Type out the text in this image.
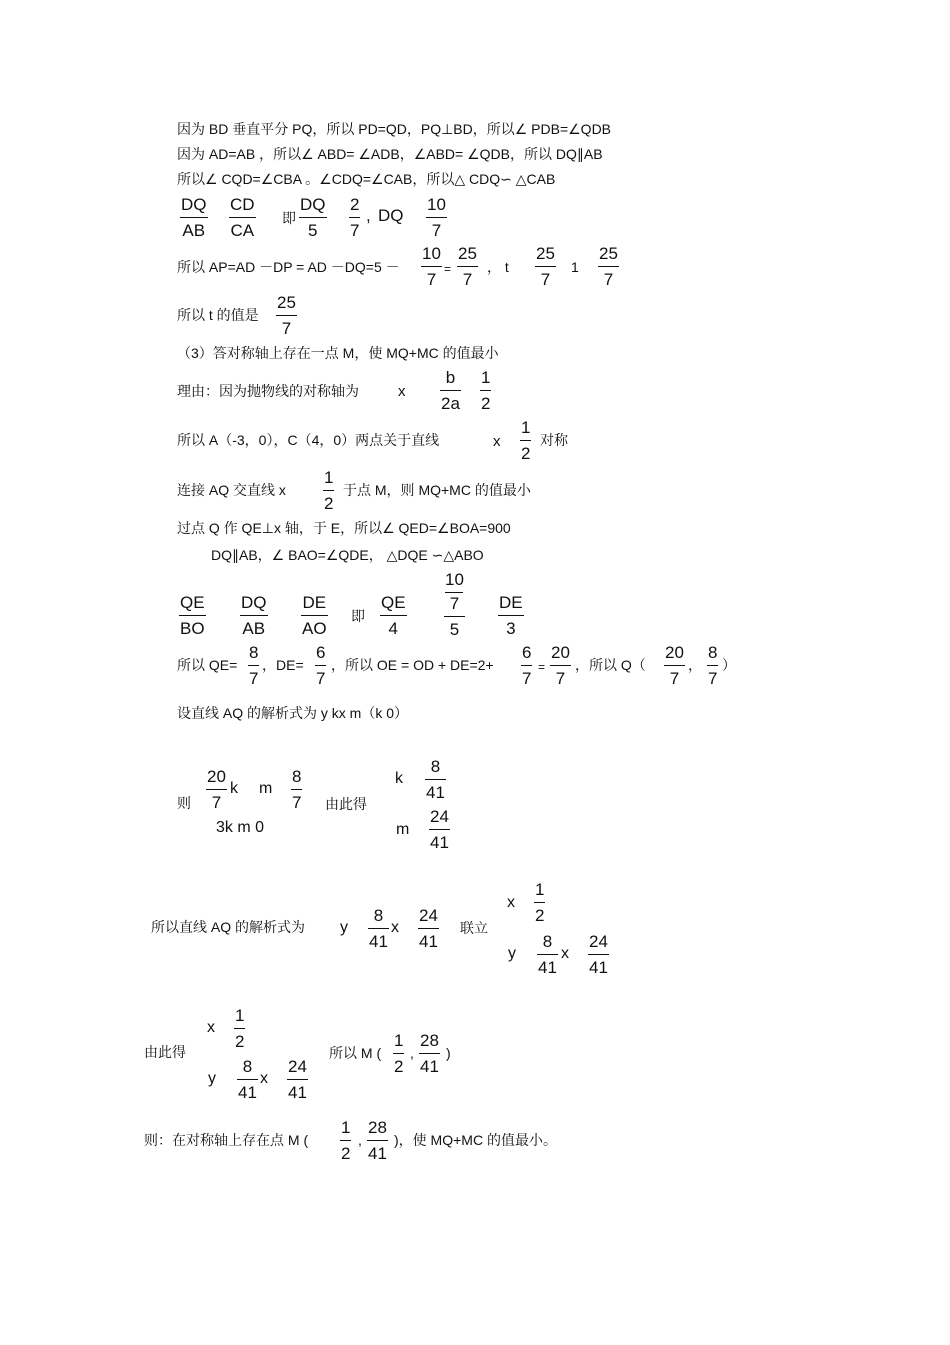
因为 BD 垂直平分 PQ，所以 PD=QD，PQ⊥BD，所以∠ PDB=∠QDB
因为 AD=AB ，所以∠ ABD= ∠ADB，∠ABD= ∠QDB，所以 DQ∥AB
所以∠ CQD=∠CBA 。∠CDQ=∠CAB，所以△ CDQ∽ △CAB
DQ
AB
CD
CA
即
DQ
5
2
7
, DQ
10
7
所以 AP=AD －DP = AD －DQ=5 －
10
7
=
25
7
， t
25
7
1
25
7
所以 t 的值是
25
7
（3）答对称轴上存在一点 M，使 MQ+MC 的值最小
理由：因为抛物线的对称轴为	x
b
2a
1
2
所以 A（-3，0），C（4，0）两点关于直线	x
1
2
对称
连接 AQ 交直线 x
1
2
于点 M，则 MQ+MC 的值最小
过点 Q 作 QE⊥x 轴，于 E，所以∠ QED=∠BOA=900
DQ∥AB，∠ BAO=∠QDE， △DQE ∽△ABO
QE
BO
DQ
AB
DE
AO
即
QE
4
10
7
5
DE
3
所以 QE=
8
7
，DE=
6
7
，所以 OE = OD + DE=2+
6
7
=
20
7
，所以 Q（
20
7
，
8
7
）
设直线 AQ 的解析式为 y kx m（k 0）
则
20
7
k m
8
7
3k m 0
由此得
k
8
41
m
24
41
所以直线 AQ 的解析式为 y
8
41
x
24
41
联立
x
1
2
y
8
41
x
24
41
由此得
x
1
2
y
8
41
x
24
41
所以 M (
1
2
,
28
41
)
则：在对称轴上存在点 M (
1
2
,
28
41
)，使 MQ+MC 的值最小。
